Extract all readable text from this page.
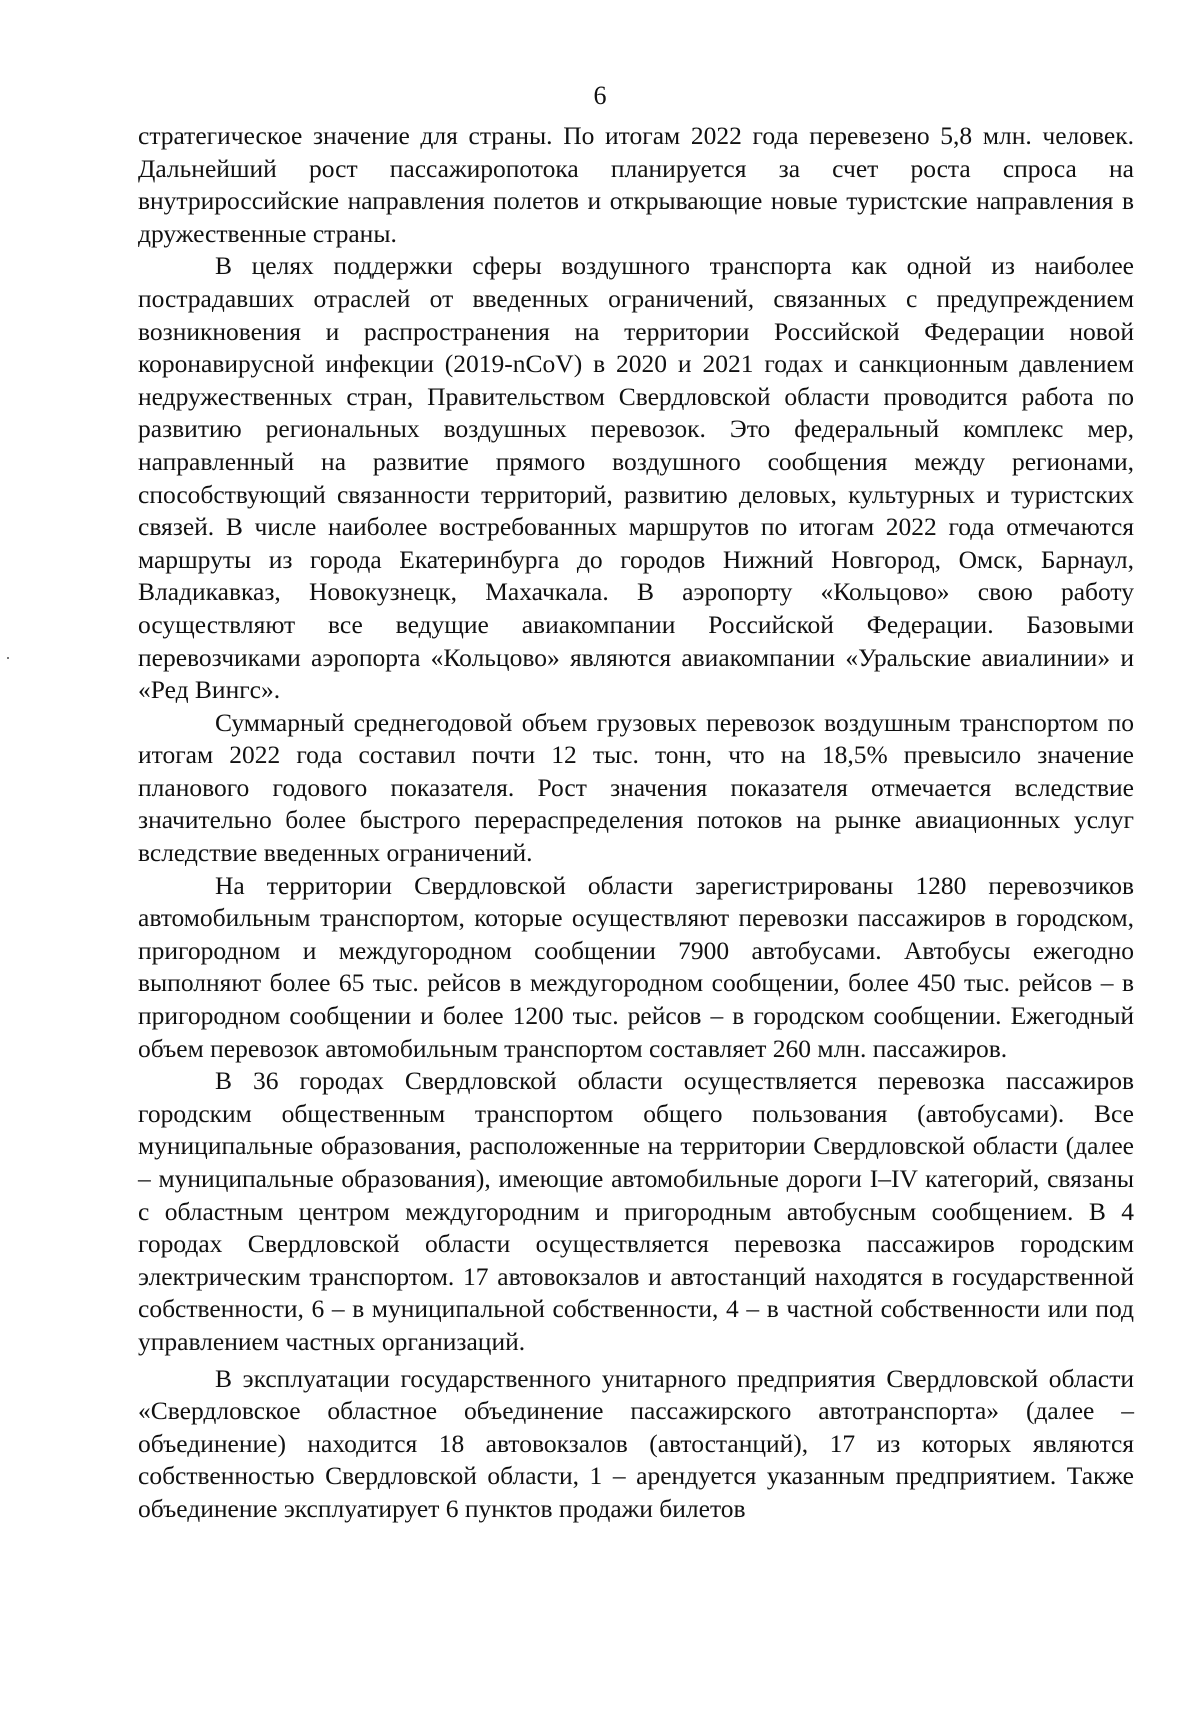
6

стратегическое значение для страны. По итогам 2022 года перевезено 5,8 млн. человек. Дальнейший рост пассажиропотока планируется за счет роста спроса на внутрироссийские направления полетов и открывающие новые туристские направления в дружественные страны.

В целях поддержки сферы воздушного транспорта как одной из наиболее пострадавших отраслей от введенных ограничений, связанных с предупреждением возникновения и распространения на территории Российской Федерации новой коронавирусной инфекции (2019-nCoV) в 2020 и 2021 годах и санкционным давлением недружественных стран, Правительством Свердловской области проводится работа по развитию региональных воздушных перевозок. Это федеральный комплекс мер, направленный на развитие прямого воздушного сообщения между регионами, способствующий связанности территорий, развитию деловых, культурных и туристских связей. В числе наиболее востребованных маршрутов по итогам 2022 года отмечаются маршруты из города Екатеринбурга до городов Нижний Новгород, Омск, Барнаул, Владикавказ, Новокузнецк, Махачкала. В аэропорту «Кольцово» свою работу осуществляют все ведущие авиакомпании Российской Федерации. Базовыми перевозчиками аэропорта «Кольцово» являются авиакомпании «Уральские авиалинии» и «Ред Вингс».

Суммарный среднегодовой объем грузовых перевозок воздушным транспортом по итогам 2022 года составил почти 12 тыс. тонн, что на 18,5% превысило значение планового годового показателя. Рост значения показателя отмечается вследствие значительно более быстрого перераспределения потоков на рынке авиационных услуг вследствие введенных ограничений.

На территории Свердловской области зарегистрированы 1280 перевозчиков автомобильным транспортом, которые осуществляют перевозки пассажиров в городском, пригородном и междугородном сообщении 7900 автобусами. Автобусы ежегодно выполняют более 65 тыс. рейсов в междугородном сообщении, более 450 тыс. рейсов – в пригородном сообщении и более 1200 тыс. рейсов – в городском сообщении. Ежегодный объем перевозок автомобильным транспортом составляет 260 млн. пассажиров.

В 36 городах Свердловской области осуществляется перевозка пассажиров городским общественным транспортом общего пользования (автобусами). Все муниципальные образования, расположенные на территории Свердловской области (далее – муниципальные образования), имеющие автомобильные дороги I–IV категорий, связаны с областным центром междугородним и пригородным автобусным сообщением. В 4 городах Свердловской области осуществляется перевозка пассажиров городским электрическим транспортом. 17 автовокзалов и автостанций находятся в государственной собственности, 6 – в муниципальной собственности, 4 – в частной собственности или под управлением частных организаций.

В эксплуатации государственного унитарного предприятия Свердловской области «Свердловское областное объединение пассажирского автотранспорта» (далее – объединение) находится 18 автовокзалов (автостанций), 17 из которых являются собственностью Свердловской области, 1 – арендуется указанным предприятием. Также объединение эксплуатирует 6 пунктов продажи билетов
